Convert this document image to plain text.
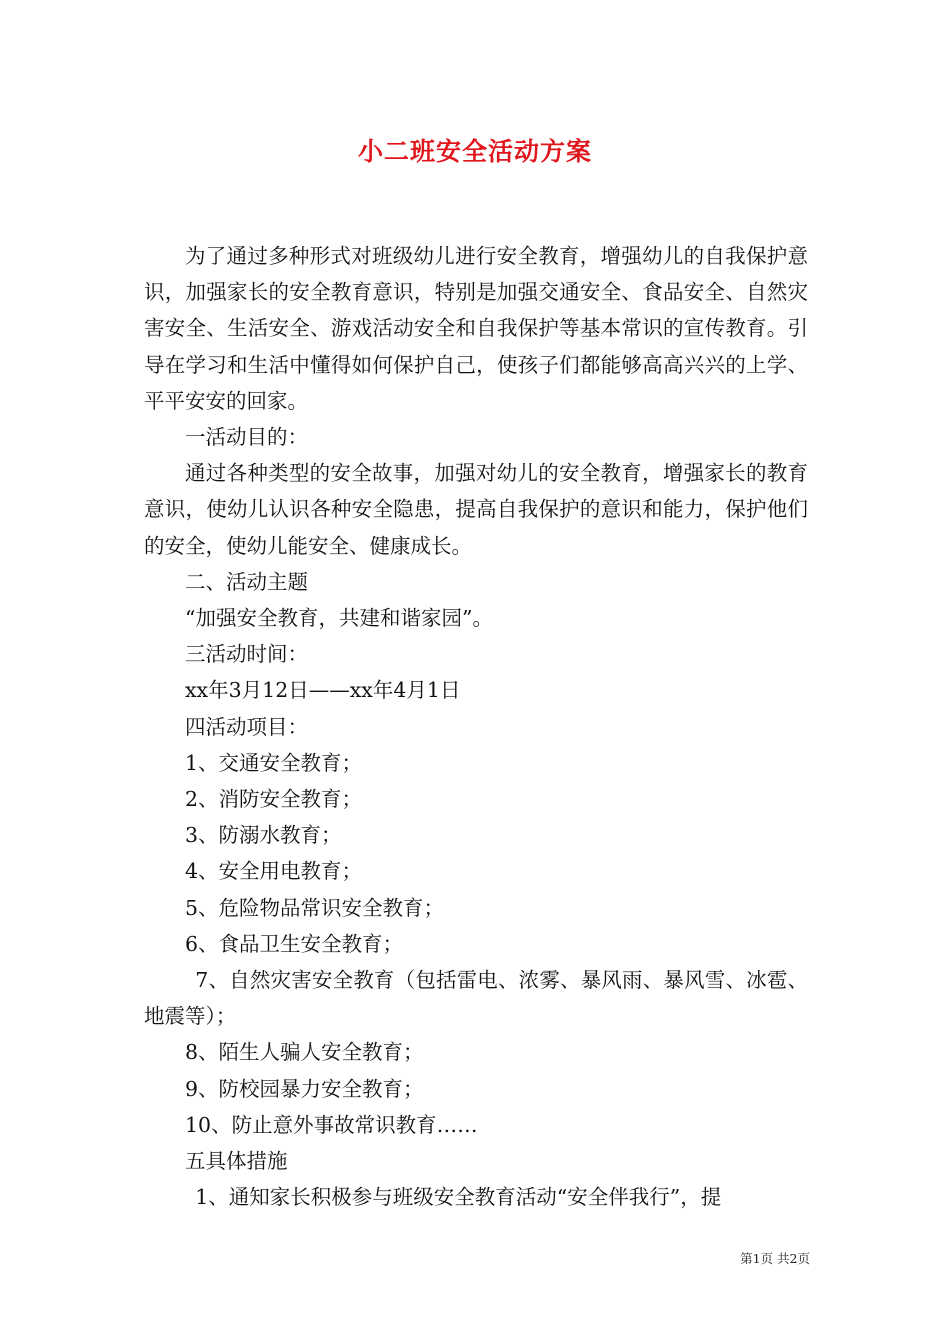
小二班安全活动方案

为了通过多种形式对班级幼儿进行安全教育，增强幼儿的自我保护意识，加强家长的安全教育意识，特别是加强交通安全、食品安全、自然灾害安全、生活安全、游戏活动安全和自我保护等基本常识的宣传教育。引导在学习和生活中懂得如何保护自己，使孩子们都能够高高兴兴的上学、平平安安的回家。

一活动目的：

通过各种类型的安全故事，加强对幼儿的安全教育，增强家长的教育意识，使幼儿认识各种安全隐患，提高自我保护的意识和能力，保护他们的安全，使幼儿能安全、健康成长。

二、活动主题

“加强安全教育，共建和谐家园”。

三活动时间：

xx年3月12日——xx年4月1日

四活动项目：

1、交通安全教育；

2、消防安全教育；

3、防溺水教育；

4、安全用电教育；

5、危险物品常识安全教育；

6、食品卫生安全教育；

7、自然灾害安全教育（包括雷电、浓雾、暴风雨、暴风雪、冰雹、地震等）；

8、陌生人骗人安全教育；

9、防校园暴力安全教育；

10、防止意外事故常识教育……

五具体措施

1、通知家长积极参与班级安全教育活动“安全伴我行”，提

第1页 共2页
